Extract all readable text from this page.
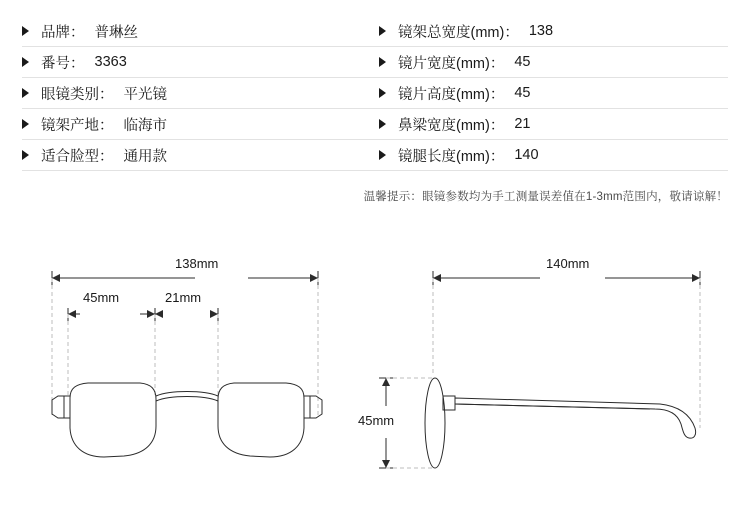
品牌： 普琳丝	镜架总宽度(mm)： 138
番号： 3363	镜片宽度(mm)： 45
眼镜类别： 平光镜	镜片高度(mm)： 45
镜架产地： 临海市	鼻梁宽度(mm)： 21
适合脸型： 通用款	镜腿长度(mm)： 140
温馨提示：眼镜参数均为手工测量误差值在1-3mm范围内，敬请谅解！
138mm
45mm	21mm
140mm
45mm
